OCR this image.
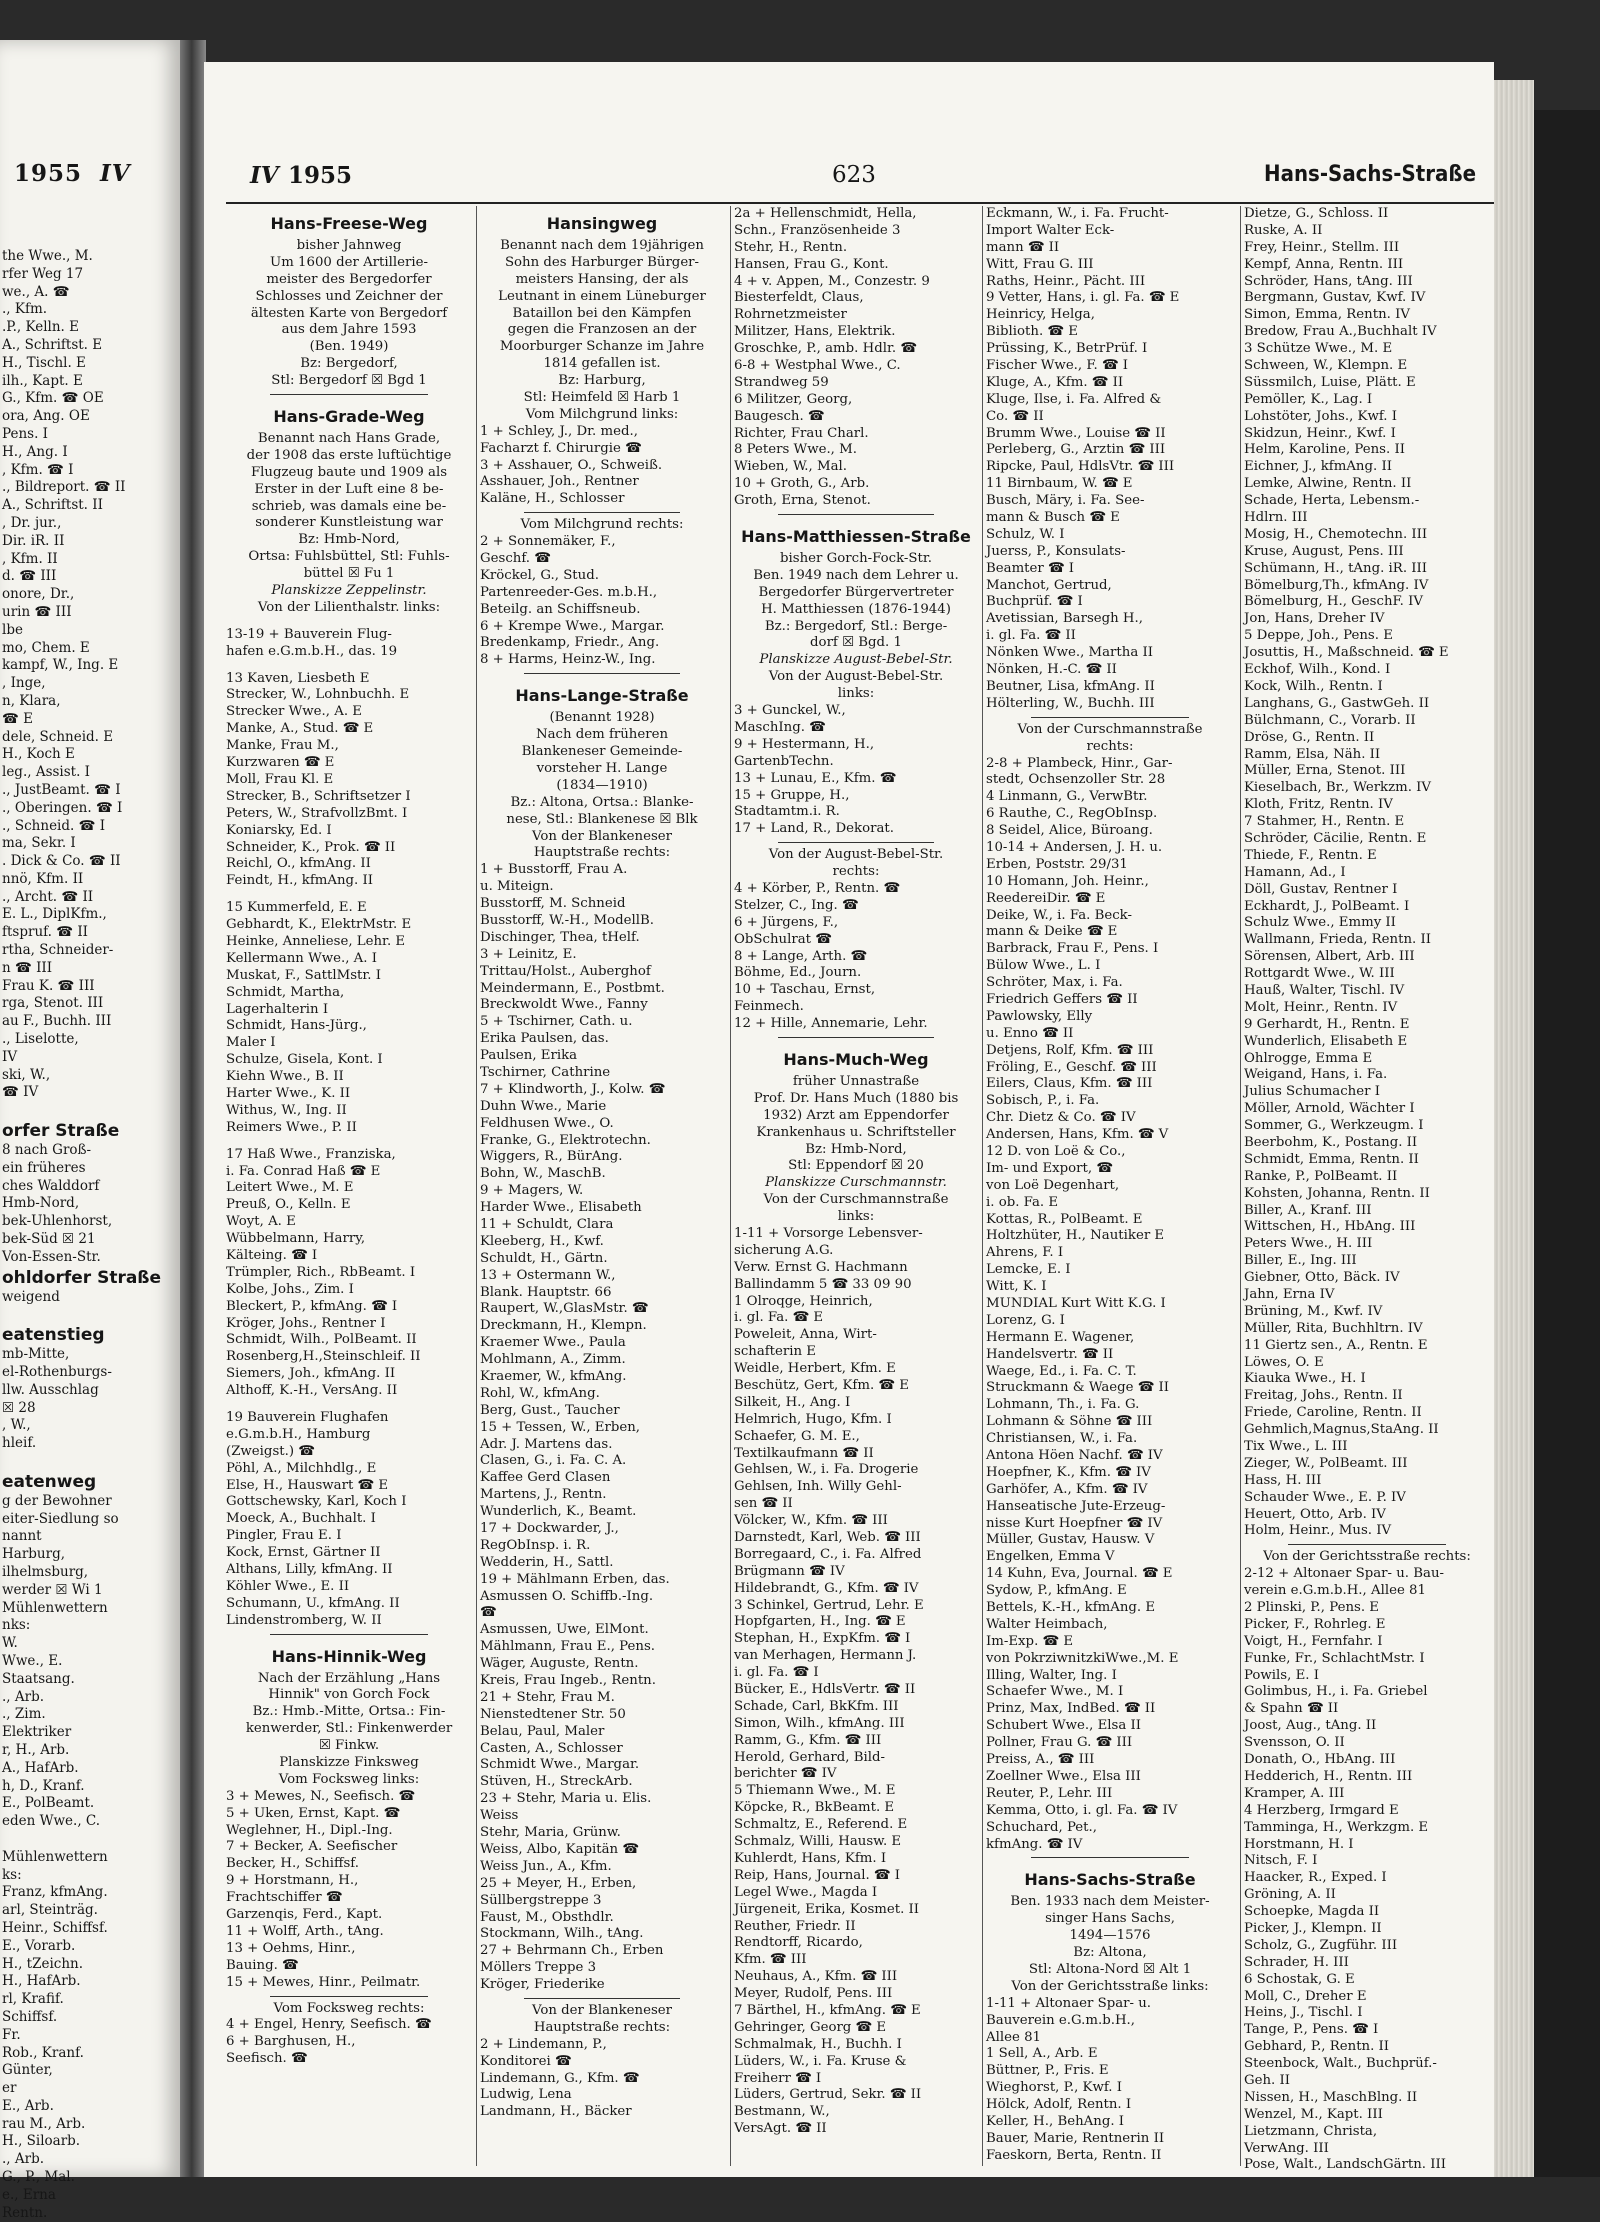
1955 IV
the Wwe., M.
rfer Weg 17
we., A. ☎
., Kfm.
.P., Kelln. E
A., Schriftst. E
H., Tischl. E
ilh., Kapt. E
G., Kfm. ☎ OE
ora, Ang. OE
Pens. I
H., Ang. I
, Kfm. ☎ I
., Bildreport. ☎ II
A., Schriftst. II
, Dr. jur.,
Dir. iR. II
, Kfm. II
d. ☎ III
onore, Dr.,
urin ☎ III
lbe
mo, Chem. E
kampf, W., Ing. E
, Inge,
n, Klara,
☎ E
dele, Schneid. E
H., Koch E
leg., Assist. I
., JustBeamt. ☎ I
., Oberingen. ☎ I
., Schneid. ☎ I
ma, Sekr. I
. Dick & Co. ☎ II
nnö, Kfm. II
., Archt. ☎ II
E. L., DiplKfm.,
ftspruf. ☎ II
rtha, Schneider-
n ☎ III
Frau K. ☎ III
rga, Stenot. III
au F., Buchh. III
., Liselotte,
IV
ski, W.,
☎ IV
orfer Straße
8 nach Groß-
ein früheres
ches Walddorf
Hmb-Nord,
bek-Uhlenhorst,
bek-Süd ☒ 21
Von-Essen-Str.
ohldorfer Straße
weigend
eatenstieg
mb-Mitte,
el-Rothenburgs-
llw. Ausschlag
☒ 28
, W.,
hleif.
eatenweg
g der Bewohner
eiter-Siedlung so
nannt
Harburg,
ilhelmsburg,
werder ☒ Wi 1
Mühlenwettern
nks:
W.
Wwe., E.
Staatsang.
., Arb.
., Zim.
Elektriker
r, H., Arb.
A., HafArb.
h, D., Kranf.
E., PolBeamt.
eden Wwe., C.
Mühlenwettern
ks:
Franz, kfmAng.
arl, Steinträg.
Heinr., Schiffsf.
E., Vorarb.
H., tZeichn.
H., HafArb.
rl, Krafif.
Schiffsf.
Fr.
Rob., Kranf.
Günter,
er
E., Arb.
rau M., Arb.
H., Siloarb.
., Arb.
G., P., Mal.
e., Erna
Rentn.
IV 1955	623	Hans-Sachs-Straße
Hans-Freese-Weg
bisher Jahnweg
Um 1600 der Artillerie-
meister des Bergedorfer
Schlosses und Zeichner der
ältesten Karte von Bergedorf
aus dem Jahre 1593
(Ben. 1949)
Bz: Bergedorf,
Stl: Bergedorf ☒ Bgd 1
Hans-Grade-Weg
Benannt nach Hans Grade,
der 1908 das erste luftüchtige
Flugzeug baute und 1909 als
Erster in der Luft eine 8 be-
schrieb, was damals eine be-
sonderer Kunstleistung war
Bz: Hmb-Nord,
Ortsa: Fuhlsbüttel, Stl: Fuhls-
büttel ☒ Fu 1
Planskizze Zeppelinstr.
Von der Lilienthalstr. links:
13-19 + Bauverein Flug-
hafen e.G.m.b.H., das. 19
13 Kaven, Liesbeth E
Strecker, W., Lohnbuchh. E
Strecker Wwe., A. E
Manke, A., Stud. ☎ E
Manke, Frau M.,
Kurzwaren ☎ E
Moll, Frau Kl. E
Strecker, B., Schriftsetzer I
Peters, W., StrafvollzBmt. I
Koniarsky, Ed. I
Schneider, K., Prok. ☎ II
Reichl, O., kfmAng. II
Feindt, H., kfmAng. II
15 Kummerfeld, E. E
Gebhardt, K., ElektrMstr. E
Heinke, Anneliese, Lehr. E
Kellermann Wwe., A. I
Muskat, F., SattlMstr. I
Schmidt, Martha,
Lagerhalterin I
Schmidt, Hans-Jürg.,
Maler I
Schulze, Gisela, Kont. I
Kiehn Wwe., B. II
Harter Wwe., K. II
Withus, W., Ing. II
Reimers Wwe., P. II
17 Haß Wwe., Franziska,
i. Fa. Conrad Haß ☎ E
Leitert Wwe., M. E
Preuß, O., Kelln. E
Woyt, A. E
Wübbelmann, Harry,
Kälteing. ☎ I
Trümpler, Rich., RbBeamt. I
Kolbe, Johs., Zim. I
Bleckert, P., kfmAng. ☎ I
Kröger, Johs., Rentner I
Schmidt, Wilh., PolBeamt. II
Rosenberg,H.,Steinschleif. II
Siemers, Joh., kfmAng. II
Althoff, K.-H., VersAng. II
19 Bauverein Flughafen
e.G.m.b.H., Hamburg
(Zweigst.) ☎
Pöhl, A., Milchhdlg., E
Else, H., Hauswart ☎ E
Gottschewsky, Karl, Koch I
Moeck, A., Buchhalt. I
Pingler, Frau E. I
Kock, Ernst, Gärtner II
Althans, Lilly, kfmAng. II
Köhler Wwe., E. II
Schumann, U., kfmAng. II
Lindenstromberg, W. II
Hans-Hinnik-Weg
Nach der Erzählung „Hans
Hinnik" von Gorch Fock
Bz.: Hmb.-Mitte, Ortsa.: Fin-
kenwerder, Stl.: Finkenwerder
☒ Finkw.
Planskizze Finksweg
Vom Focksweg links:
3 + Mewes, N., Seefisch. ☎
5 + Uken, Ernst, Kapt. ☎
Weglehner, H., Dipl.-Ing.
7 + Becker, A. Seefischer
Becker, H., Schiffsf.
9 + Horstmann, H.,
Frachtschiffer ☎
Garzenqis, Ferd., Kapt.
11 + Wolff, Arth., tAng.
13 + Oehms, Hinr.,
Bauing. ☎
15 + Mewes, Hinr., Peilmatr.
Vom Focksweg rechts:
4 + Engel, Henry, Seefisch. ☎
6 + Barghusen, H.,
Seefisch. ☎
Hansingweg
Benannt nach dem 19jährigen
Sohn des Harburger Bürger-
meisters Hansing, der als
Leutnant in einem Lüneburger
Bataillon bei den Kämpfen
gegen die Franzosen an der
Moorburger Schanze im Jahre
1814 gefallen ist.
Bz: Harburg,
Stl: Heimfeld ☒ Harb 1
Vom Milchgrund links:
1 + Schley, J., Dr. med.,
Facharzt f. Chirurgie ☎
3 + Asshauer, O., Schweiß.
Asshauer, Joh., Rentner
Kaläne, H., Schlosser
Vom Milchgrund rechts:
2 + Sonnemäker, F.,
Geschf. ☎
Kröckel, G., Stud.
Partenreeder-Ges. m.b.H.,
Beteilg. an Schiffsneub.
6 + Krempe Wwe., Margar.
Bredenkamp, Friedr., Ang.
8 + Harms, Heinz-W., Ing.
Hans-Lange-Straße
(Benannt 1928)
Nach dem früheren
Blankeneser Gemeinde-
vorsteher H. Lange
(1834—1910)
Bz.: Altona, Ortsa.: Blanke-
nese, Stl.: Blankenese ☒ Blk
Von der Blankeneser
Hauptstraße rechts:
1 + Busstorff, Frau A.
u. Miteign.
Busstorff, M. Schneid
Busstorff, W.-H., ModellB.
Dischinger, Thea, tHelf.
3 + Leinitz, E.
Trittau/Holst., Auberghof
Meindermann, E., Postbmt.
Breckwoldt Wwe., Fanny
5 + Tschirner, Cath. u.
Erika Paulsen, das.
Paulsen, Erika
Tschirner, Cathrine
7 + Klindworth, J., Kolw. ☎
Duhn Wwe., Marie
Feldhusen Wwe., O.
Franke, G., Elektrotechn.
Wiggers, R., BürAng.
Bohn, W., MaschB.
9 + Magers, W.
Harder Wwe., Elisabeth
11 + Schuldt, Clara
Kleeberg, H., Kwf.
Schuldt, H., Gärtn.
13 + Ostermann W.,
Blank. Hauptstr. 66
Raupert, W.,GlasMstr. ☎
Dreckmann, H., Klempn.
Kraemer Wwe., Paula
Mohlmann, A., Zimm.
Kraemer, W., kfmAng.
Rohl, W., kfmAng.
Berg, Gust., Taucher
15 + Tessen, W., Erben,
Adr. J. Martens das.
Clasen, G., i. Fa. C. A.
Kaffee Gerd Clasen
Martens, J., Rentn.
Wunderlich, K., Beamt.
17 + Dockwarder, J.,
RegObInsp. i. R.
Wedderin, H., Sattl.
19 + Mählmann Erben, das.
Asmussen O. Schiffb.-Ing.
☎
Asmussen, Uwe, ElMont.
Mählmann, Frau E., Pens.
Wäger, Auguste, Rentn.
Kreis, Frau Ingeb., Rentn.
21 + Stehr, Frau M.
Nienstedtener Str. 50
Belau, Paul, Maler
Casten, A., Schlosser
Schmidt Wwe., Margar.
Stüven, H., StreckArb.
23 + Stehr, Maria u. Elis.
Weiss
Stehr, Maria, Grünw.
Weiss, Albo, Kapitän ☎
Weiss Jun., A., Kfm.
25 + Meyer, H., Erben,
Süllbergstreppe 3
Faust, M., Obsthdlr.
Stockmann, Wilh., tAng.
27 + Behrmann Ch., Erben
Möllers Treppe 3
Kröger, Friederike
Von der Blankeneser
Hauptstraße rechts:
2 + Lindemann, P.,
Konditorei ☎
Lindemann, G., Kfm. ☎
Ludwig, Lena
Landmann, H., Bäcker
2a + Hellenschmidt, Hella,
Schn., Französenheide 3
Stehr, H., Rentn.
Hansen, Frau G., Kont.
4 + v. Appen, M., Conzestr. 9
Biesterfeldt, Claus,
Rohrnetzmeister
Militzer, Hans, Elektrik.
Groschke, P., amb. Hdlr. ☎
6-8 + Westphal Wwe., C.
Strandweg 59
6 Militzer, Georg,
Baugesch. ☎
Richter, Frau Charl.
8 Peters Wwe., M.
Wieben, W., Mal.
10 + Groth, G., Arb.
Groth, Erna, Stenot.
Hans-Matthiessen-Straße
bisher Gorch-Fock-Str.
Ben. 1949 nach dem Lehrer u.
Bergedorfer Bürgervertreter
H. Matthiessen (1876-1944)
Bz.: Bergedorf, Stl.: Berge-
dorf ☒ Bgd. 1
Planskizze August-Bebel-Str.
Von der August-Bebel-Str.
links:
3 + Gunckel, W.,
MaschIng. ☎
9 + Hestermann, H.,
GartenbTechn.
13 + Lunau, E., Kfm. ☎
15 + Gruppe, H.,
Stadtamtm.i. R.
17 + Land, R., Dekorat.
Von der August-Bebel-Str.
rechts:
4 + Körber, P., Rentn. ☎
Stelzer, C., Ing. ☎
6 + Jürgens, F.,
ObSchulrat ☎
8 + Lange, Arth. ☎
Böhme, Ed., Journ.
10 + Taschau, Ernst,
Feinmech.
12 + Hille, Annemarie, Lehr.
Hans-Much-Weg
früher Unnastraße
Prof. Dr. Hans Much (1880 bis
1932) Arzt am Eppendorfer
Krankenhaus u. Schriftsteller
Bz: Hmb-Nord,
Stl: Eppendorf ☒ 20
Planskizze Curschmannstr.
Von der Curschmannstraße
links:
1-11 + Vorsorge Lebensver-
sicherung A.G.
Verw. Ernst G. Hachmann
Ballindamm 5 ☎ 33 09 90
1 Olroqge, Heinrich,
i. gl. Fa. ☎ E
Poweleit, Anna, Wirt-
schafterin E
Weidle, Herbert, Kfm. E
Beschütz, Gert, Kfm. ☎ E
Silkeit, H., Ang. I
Helmrich, Hugo, Kfm. I
Schaefer, G. M. E.,
Textilkaufmann ☎ II
Gehlsen, W., i. Fa. Drogerie
Gehlsen, Inh. Willy Gehl-
sen ☎ II
Völcker, W., Kfm. ☎ III
Darnstedt, Karl, Web. ☎ III
Borregaard, C., i. Fa. Alfred
Brügmann ☎ IV
Hildebrandt, G., Kfm. ☎ IV
3 Schinkel, Gertrud, Lehr. E
Hopfgarten, H., Ing. ☎ E
Stephan, H., ExpKfm. ☎ I
van Merhagen, Hermann J.
i. gl. Fa. ☎ I
Bücker, E., HdlsVertr. ☎ II
Schade, Carl, BkKfm. III
Simon, Wilh., kfmAng. III
Ramm, G., Kfm. ☎ III
Herold, Gerhard, Bild-
berichter ☎ IV
5 Thiemann Wwe., M. E
Köpcke, R., BkBeamt. E
Schmaltz, E., Referend. E
Schmalz, Willi, Hausw. E
Kuhlerdt, Hans, Kfm. I
Reip, Hans, Journal. ☎ I
Legel Wwe., Magda I
Jürgeneit, Erika, Kosmet. II
Reuther, Friedr. II
Rendtorff, Ricardo,
Kfm. ☎ III
Neuhaus, A., Kfm. ☎ III
Meyer, Rudolf, Pens. III
7 Bärthel, H., kfmAng. ☎ E
Gehringer, Georg ☎ E
Schmalmak, H., Buchh. I
Lüders, W., i. Fa. Kruse &
Freiherr ☎ I
Lüders, Gertrud, Sekr. ☎ II
Bestmann, W.,
VersAgt. ☎ II
Eckmann, W., i. Fa. Frucht-
Import Walter Eck-
mann ☎ II
Witt, Frau G. III
Raths, Heinr., Pächt. III
9 Vetter, Hans, i. gl. Fa. ☎ E
Heinricy, Helga,
Biblioth. ☎ E
Prüssing, K., BetrPrüf. I
Fischer Wwe., F. ☎ I
Kluge, A., Kfm. ☎ II
Kluge, Ilse, i. Fa. Alfred &
Co. ☎ II
Brumm Wwe., Louise ☎ II
Perleberg, G., Arztin ☎ III
Ripcke, Paul, HdlsVtr. ☎ III
11 Birnbaum, W. ☎ E
Busch, Märy, i. Fa. See-
mann & Busch ☎ E
Schulz, W. I
Juerss, P., Konsulats-
Beamter ☎ I
Manchot, Gertrud,
Buchprüf. ☎ I
Avetissian, Barsegh H.,
i. gl. Fa. ☎ II
Nönken Wwe., Martha II
Nönken, H.-C. ☎ II
Beutner, Lisa, kfmAng. II
Hölterling, W., Buchh. III
Von der Curschmannstraße
rechts:
2-8 + Plambeck, Hinr., Gar-
stedt, Ochsenzoller Str. 28
4 Linmann, G., VerwBtr.
6 Rauthe, C., RegObInsp.
8 Seidel, Alice, Büroang.
10-14 + Andersen, J. H. u.
Erben, Poststr. 29/31
10 Homann, Joh. Heinr.,
ReedereiDir. ☎ E
Deike, W., i. Fa. Beck-
mann & Deike ☎ E
Barbrack, Frau F., Pens. I
Bülow Wwe., L. I
Schröter, Max, i. Fa.
Friedrich Geffers ☎ II
Pawlowsky, Elly
u. Enno ☎ II
Detjens, Rolf, Kfm. ☎ III
Fröling, E., Geschf. ☎ III
Eilers, Claus, Kfm. ☎ III
Sobisch, P., i. Fa.
Chr. Dietz & Co. ☎ IV
Andersen, Hans, Kfm. ☎ V
12 D. von Loë & Co.,
Im- und Export, ☎
von Loë Degenhart,
i. ob. Fa. E
Kottas, R., PolBeamt. E
Holtzhüter, H., Nautiker E
Ahrens, F. I
Lemcke, E. I
Witt, K. I
MUNDIAL Kurt Witt K.G. I
Lorenz, G. I
Hermann E. Wagener,
Handelsvertr. ☎ II
Waege, Ed., i. Fa. C. T.
Struckmann & Waege ☎ II
Lohmann, Th., i. Fa. G.
Lohmann & Söhne ☎ III
Christiansen, W., i. Fa.
Antona Höen Nachf. ☎ IV
Hoepfner, K., Kfm. ☎ IV
Garhöfer, A., Kfm. ☎ IV
Hanseatische Jute-Erzeug-
nisse Kurt Hoepfner ☎ IV
Müller, Gustav, Hausw. V
Engelken, Emma V
14 Kuhn, Eva, Journal. ☎ E
Sydow, P., kfmAng. E
Bettels, K.-H., kfmAng. E
Walter Heimbach,
Im-Exp. ☎ E
von PokrziwnitzkiWwe.,M. E
Illing, Walter, Ing. I
Schaefer Wwe., M. I
Prinz, Max, IndBed. ☎ II
Schubert Wwe., Elsa II
Pollner, Frau G. ☎ III
Preiss, A., ☎ III
Zoellner Wwe., Elsa III
Reuter, P., Lehr. III
Kemma, Otto, i. gl. Fa. ☎ IV
Schuchard, Pet.,
kfmAng. ☎ IV
Hans-Sachs-Straße
Ben. 1933 nach dem Meister-
singer Hans Sachs,
1494—1576
Bz: Altona,
Stl: Altona-Nord ☒ Alt 1
Von der Gerichtsstraße links:
1-11 + Altonaer Spar- u.
Bauverein e.G.m.b.H.,
Allee 81
1 Sell, A., Arb. E
Büttner, P., Fris. E
Wieghorst, P., Kwf. I
Hölck, Adolf, Rentn. I
Keller, H., BehAng. I
Bauer, Marie, Rentnerin II
Faeskorn, Berta, Rentn. II
Dietze, G., Schloss. II
Ruske, A. II
Frey, Heinr., Stellm. III
Kempf, Anna, Rentn. III
Schröder, Hans, tAng. III
Bergmann, Gustav, Kwf. IV
Simon, Emma, Rentn. IV
Bredow, Frau A.,Buchhalt IV
3 Schütze Wwe., M. E
Schween, W., Klempn. E
Süssmilch, Luise, Plätt. E
Pemöller, K., Lag. I
Lohstöter, Johs., Kwf. I
Skidzun, Heinr., Kwf. I
Helm, Karoline, Pens. II
Eichner, J., kfmAng. II
Lemke, Alwine, Rentn. II
Schade, Herta, Lebensm.-
Hdlrn. III
Mosig, H., Chemotechn. III
Kruse, August, Pens. III
Schümann, H., tAng. iR. III
Bömelburg,Th., kfmAng. IV
Bömelburg, H., GeschF. IV
Jon, Hans, Dreher IV
5 Deppe, Joh., Pens. E
Josuttis, H., Maßschneid. ☎ E
Eckhof, Wilh., Kond. I
Kock, Wilh., Rentn. I
Langhans, G., GastwGeh. II
Bülchmann, C., Vorarb. II
Dröse, G., Rentn. II
Ramm, Elsa, Näh. II
Müller, Erna, Stenot. III
Kieselbach, Br., Werkzm. IV
Kloth, Fritz, Rentn. IV
7 Stahmer, H., Rentn. E
Schröder, Cäcilie, Rentn. E
Thiede, F., Rentn. E
Hamann, Ad., I
Döll, Gustav, Rentner I
Eckhardt, J., PolBeamt. I
Schulz Wwe., Emmy II
Wallmann, Frieda, Rentn. II
Sörensen, Albert, Arb. III
Rottgardt Wwe., W. III
Hauß, Walter, Tischl. IV
Molt, Heinr., Rentn. IV
9 Gerhardt, H., Rentn. E
Wunderlich, Elisabeth E
Ohlrogge, Emma E
Weigand, Hans, i. Fa.
Julius Schumacher I
Möller, Arnold, Wächter I
Sommer, G., Werkzeugm. I
Beerbohm, K., Postang. II
Schmidt, Emma, Rentn. II
Ranke, P., PolBeamt. II
Kohsten, Johanna, Rentn. II
Biller, A., Kranf. III
Wittschen, H., HbAng. III
Peters Wwe., H. III
Biller, E., Ing. III
Giebner, Otto, Bäck. IV
Jahn, Erna IV
Brüning, M., Kwf. IV
Müller, Rita, Buchhltrn. IV
11 Giertz sen., A., Rentn. E
Löwes, O. E
Kiauka Wwe., H. I
Freitag, Johs., Rentn. II
Friede, Caroline, Rentn. II
Gehmlich,Magnus,StaAng. II
Tix Wwe., L. III
Zieger, W., PolBeamt. III
Hass, H. III
Schauder Wwe., E. P. IV
Heuert, Otto, Arb. IV
Holm, Heinr., Mus. IV
Von der Gerichtsstraße rechts:
2-12 + Altonaer Spar- u. Bau-
verein e.G.m.b.H., Allee 81
2 Plinski, P., Pens. E
Picker, F., Rohrleg. E
Voigt, H., Fernfahr. I
Funke, Fr., SchlachtMstr. I
Powils, E. I
Golimbus, H., i. Fa. Griebel
& Spahn ☎ II
Joost, Aug., tAng. II
Svensson, O. II
Donath, O., HbAng. III
Hedderich, H., Rentn. III
Kramper, A. III
4 Herzberg, Irmgard E
Tamminga, H., Werkzgm. E
Horstmann, H. I
Nitsch, F. I
Haacker, R., Exped. I
Gröning, A. II
Schoepke, Magda II
Picker, J., Klempn. II
Scholz, G., Zugführ. III
Schrader, H. III
6 Schostak, G. E
Moll, C., Dreher E
Heins, J., Tischl. I
Tange, P., Pens. ☎ I
Gebhard, P., Rentn. II
Steenbock, Walt., Buchprüf.-
Geh. II
Nissen, H., MaschBlng. II
Wenzel, M., Kapt. III
Lietzmann, Christa,
VerwAng. III
Pose, Walt., LandschGärtn. III
